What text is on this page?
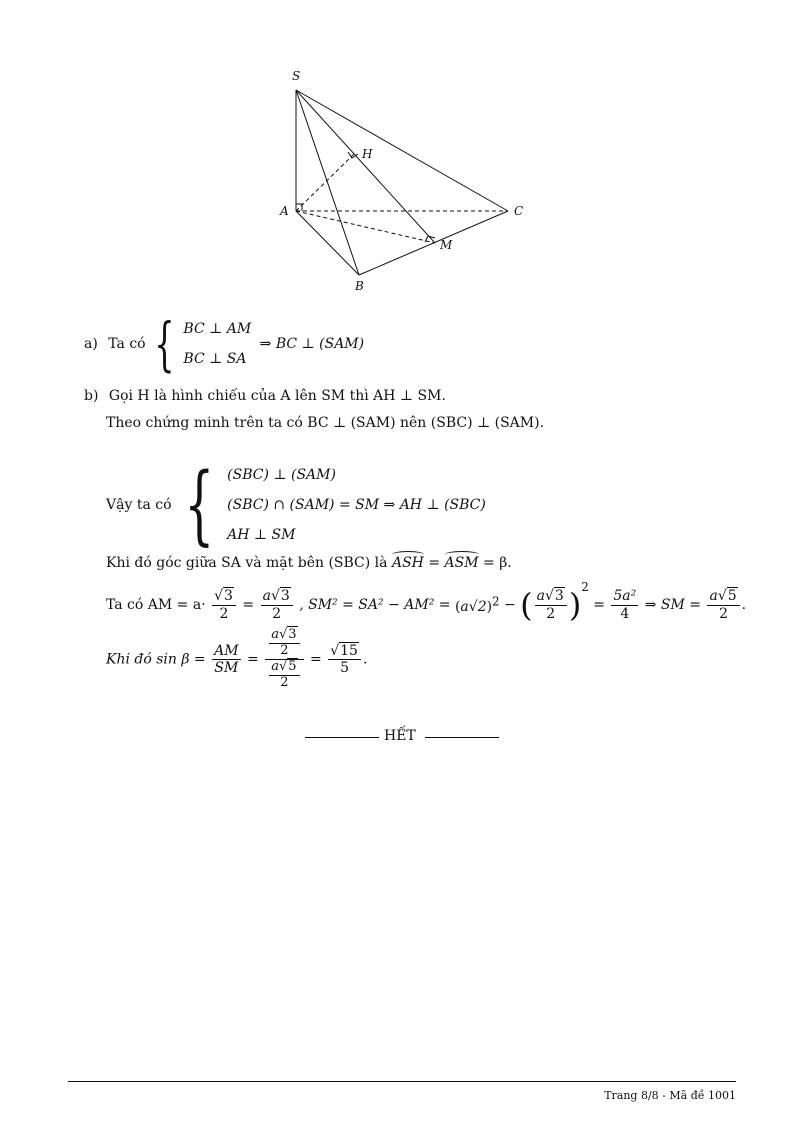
S
H
A	C
M
B
a) Ta có { BC ⊥ AM
BC ⊥ SA
⇒ BC ⊥ (SAM)
b) Gọi H là hình chiếu của A lên SM thì AH ⊥ SM.
Theo chứng minh trên ta có BC ⊥ (SAM) nên (SBC) ⊥ (SAM).
Vậy ta có { (SBC) ⊥ (SAM)
(SBC) ∩ (SAM) = SM ⇒ AH ⊥ (SBC)
AH ⊥ SM
Khi đó góc giữa SA và mặt bên (SBC) là ASH = ASM = β.
Ta có AM = $a\cdot \frac{√3}{2} = \frac{a√3}{2}$ , $SM^2 = SA^2 - AM^2 = (a√2)^2$ − ( $\frac{a√3}{2} )^2 = \frac{\text{5a²}}{4}$ ⇒ SM = $\frac{a√5}{2}$ .
Khi đó $\sin \beta = \frac{AM}{SM} = \frac{\frac{a√3}{2}}{\frac{a√5}{2}} = \frac{√15}{5}$ .
HẾT
Trang 8/8 - Mã đề 1001
